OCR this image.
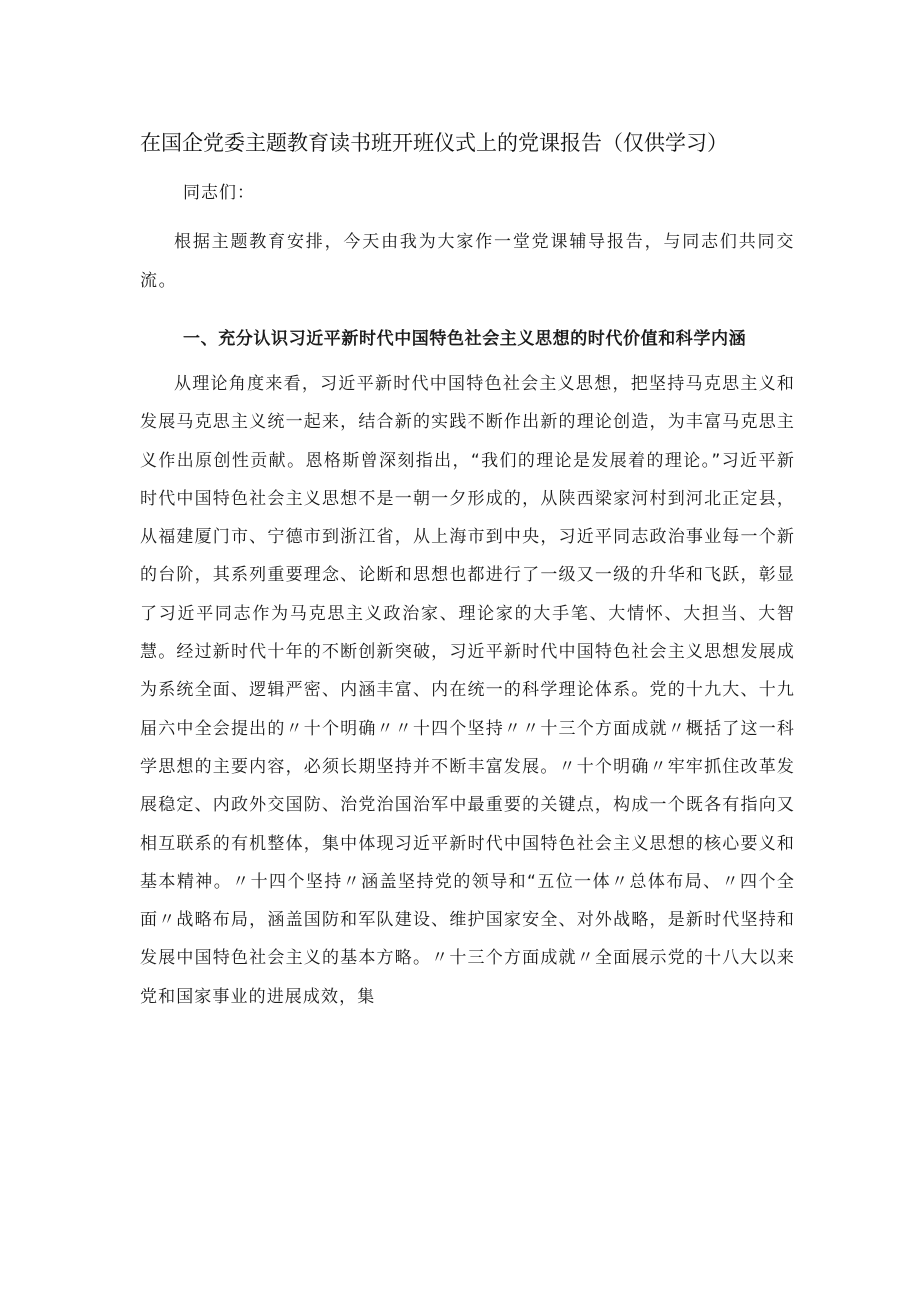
在国企党委主题教育读书班开班仪式上的党课报告（仅供学习）
同志们：

根据主题教育安排，今天由我为大家作一堂党课辅导报告，与同志们共同交流。

一、充分认识习近平新时代中国特色社会主义思想的时代价值和科学内涵

从理论角度来看，习近平新时代中国特色社会主义思想，把坚持马克思主义和发展马克思主义统一起来，结合新的实践不断作出新的理论创造，为丰富马克思主义作出原创性贡献。恩格斯曾深刻指出，“我们的理论是发展着的理论。”习近平新时代中国特色社会主义思想不是一朝一夕形成的，从陕西梁家河村到河北正定县，从福建厦门市、宁德市到浙江省，从上海市到中央，习近平同志政治事业每一个新的台阶，其系列重要理念、论断和思想也都进行了一级又一级的升华和飞跃，彰显了习近平同志作为马克思主义政治家、理论家的大手笔、大情怀、大担当、大智慧。经过新时代十年的不断创新突破，习近平新时代中国特色社会主义思想发展成为系统全面、逻辑严密、内涵丰富、内在统一的科学理论体系。党的十九大、十九届六中全会提出的〃十个明确〃〃十四个坚持〃〃十三个方面成就〃概括了这一科学思想的主要内容，必须长期坚持并不断丰富发展。〃十个明确〃牢牢抓住改革发展稳定、内政外交国防、治党治国治军中最重要的关键点，构成一个既各有指向又相互联系的有机整体，集中体现习近平新时代中国特色社会主义思想的核心要义和基本精神。〃十四个坚持〃涵盖坚持党的领导和“五位一体〃总体布局、〃四个全面〃战略布局，涵盖国防和军队建设、维护国家安全、对外战略，是新时代坚持和发展中国特色社会主义的基本方略。〃十三个方面成就〃全面展示党的十八大以来党和国家事业的进展成效，集
